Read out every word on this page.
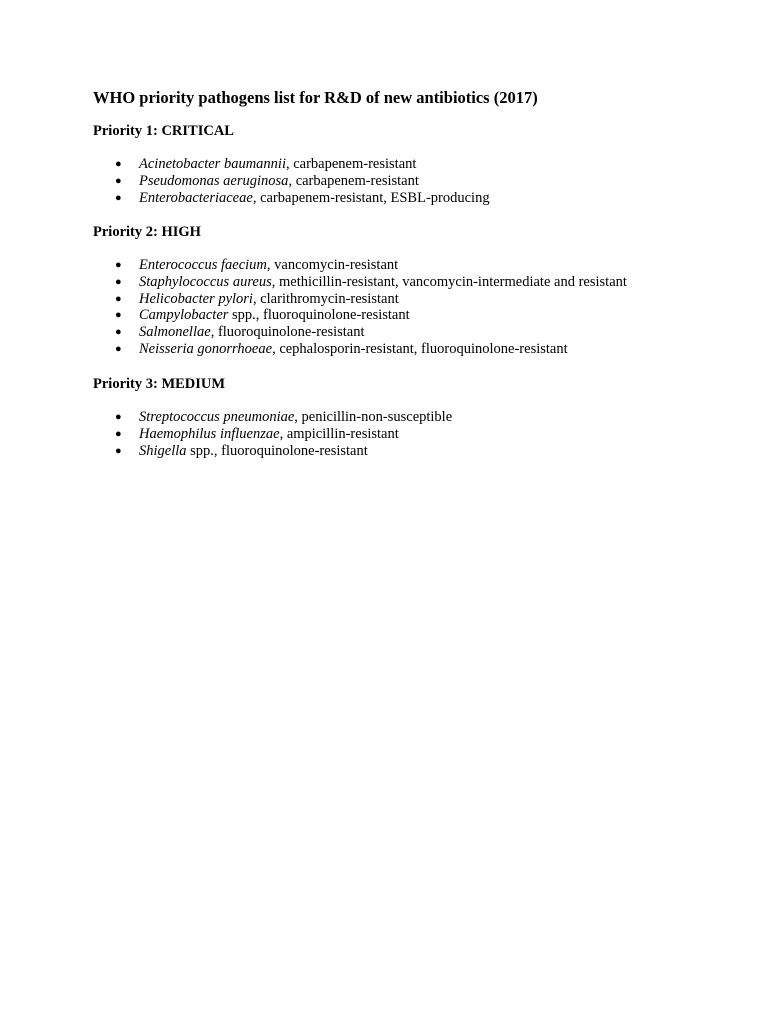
WHO priority pathogens list for R&D of new antibiotics (2017)
Priority 1: CRITICAL
● Acinetobacter baumannii, carbapenem-resistant
● Pseudomonas aeruginosa, carbapenem-resistant
● Enterobacteriaceae, carbapenem-resistant, ESBL-producing
Priority 2: HIGH
● Enterococcus faecium, vancomycin-resistant
● Staphylococcus aureus, methicillin-resistant, vancomycin-intermediate and resistant
● Helicobacter pylori, clarithromycin-resistant
● Campylobacter spp., fluoroquinolone-resistant
● Salmonellae, fluoroquinolone-resistant
● Neisseria gonorrhoeae, cephalosporin-resistant, fluoroquinolone-resistant
Priority 3: MEDIUM
● Streptococcus pneumoniae, penicillin-non-susceptible
● Haemophilus influenzae, ampicillin-resistant
● Shigella spp., fluoroquinolone-resistant
